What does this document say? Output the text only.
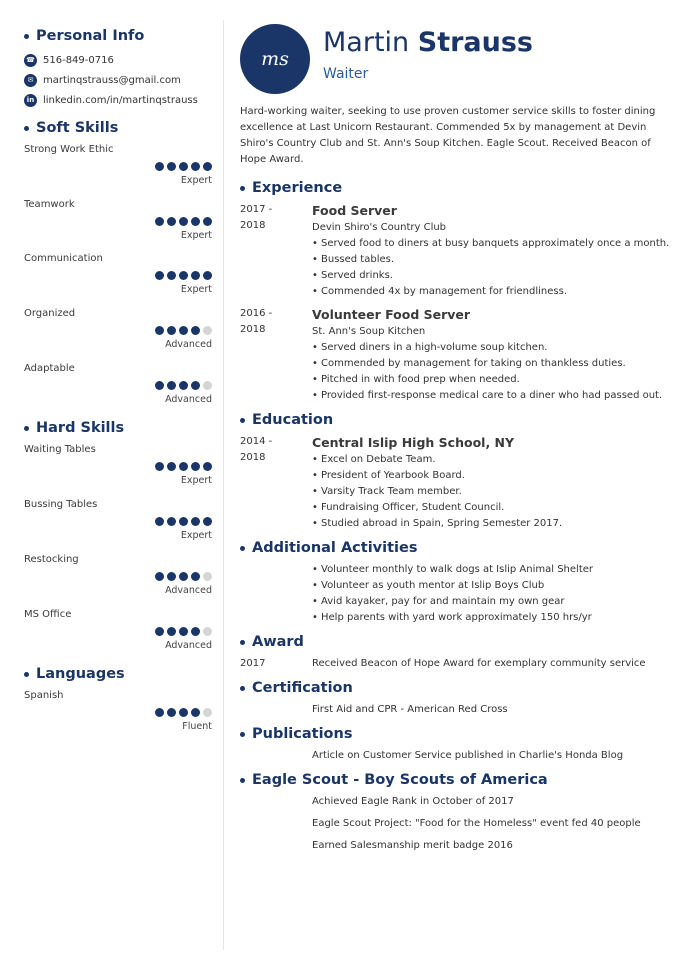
Personal Info
☎ 516-849-0716
✉ martinqstrauss@gmail.com
in linkedin.com/in/martinqstrauss
Soft Skills
Strong Work Ethic
Expert
Teamwork
Expert
Communication
Expert
Organized
Advanced
Adaptable
Advanced
Hard Skills
Waiting Tables
Expert
Bussing Tables
Expert
Restocking
Advanced
MS Office
Advanced
Languages
Spanish
Fluent
ms
Martin Strauss
Waiter

Hard-working waiter, seeking to use proven customer service skills to foster dining excellence at Last Unicorn Restaurant. Commended 5x by management at Devin Shiro's Country Club and St. Ann's Soup Kitchen. Eagle Scout. Received Beacon of Hope Award.

Experience
2017 -
2018
Food Server
Devin Shiro's Country Club
• Served food to diners at busy banquets approximately once a month.
• Bussed tables.
• Served drinks.
• Commended 4x by management for friendliness.
2016 -
2018
Volunteer Food Server
St. Ann's Soup Kitchen
• Served diners in a high-volume soup kitchen.
• Commended by management for taking on thankless duties.
• Pitched in with food prep when needed.
• Provided first-response medical care to a diner who had passed out.
Education
2014 -
2018
Central Islip High School, NY
• Excel on Debate Team.
• President of Yearbook Board.
• Varsity Track Team member.
• Fundraising Officer, Student Council.
• Studied abroad in Spain, Spring Semester 2017.
Additional Activities
• Volunteer monthly to walk dogs at Islip Animal Shelter
• Volunteer as youth mentor at Islip Boys Club
• Avid kayaker, pay for and maintain my own gear
• Help parents with yard work approximately 150 hrs/yr
Award
2017	Received Beacon of Hope Award for exemplary community service
Certification
First Aid and CPR - American Red Cross
Publications
Article on Customer Service published in Charlie's Honda Blog
Eagle Scout - Boy Scouts of America
Achieved Eagle Rank in October of 2017
Eagle Scout Project: "Food for the Homeless" event fed 40 people
Earned Salesmanship merit badge 2016
